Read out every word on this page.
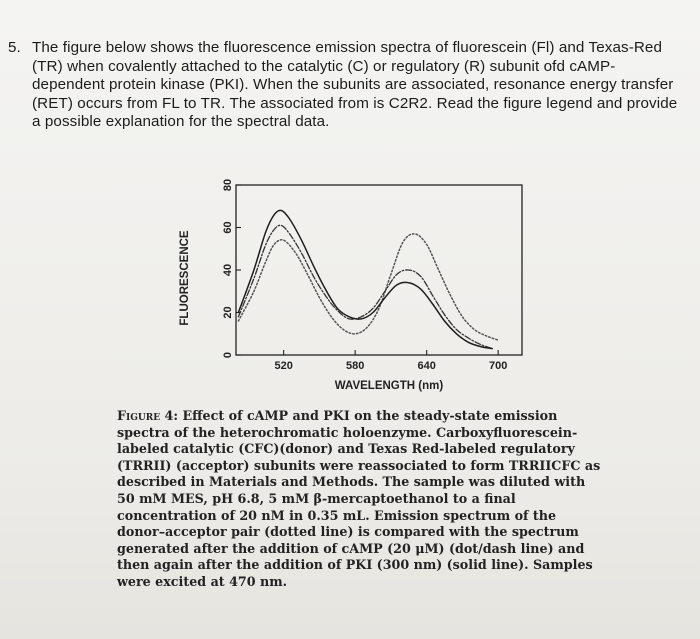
5. The figure below shows the fluorescence emission spectra of fluorescein (Fl) and Texas-Red (TR) when covalently attached to the catalytic (C) or regulatory (R) subunit ofd cAMP-dependent protein kinase (PKI). When the subunits are associated, resonance energy transfer (RET) occurs from FL to TR. The associated from is C2R2. Read the figure legend and provide a possible explanation for the spectral data.
0
20
40
60
80
520	580	640	700
WAVELENGTH (nm)
FLUORESCENCE
Figure 4: Effect of cAMP and PKI on the steady-state emission spectra of the heterochromatic holoenzyme. Carboxyfluorescein-labeled catalytic (CFC)(donor) and Texas Red-labeled regulatory (TRRII) (acceptor) subunits were reassociated to form TRRIICFC as described in Materials and Methods. The sample was diluted with 50 mM MES, pH 6.8, 5 mM β-mercaptoethanol to a final concentration of 20 nM in 0.35 mL. Emission spectrum of the donor–acceptor pair (dotted line) is compared with the spectrum generated after the addition of cAMP (20 μM) (dot/dash line) and then again after the addition of PKI (300 nm) (solid line). Samples were excited at 470 nm.
